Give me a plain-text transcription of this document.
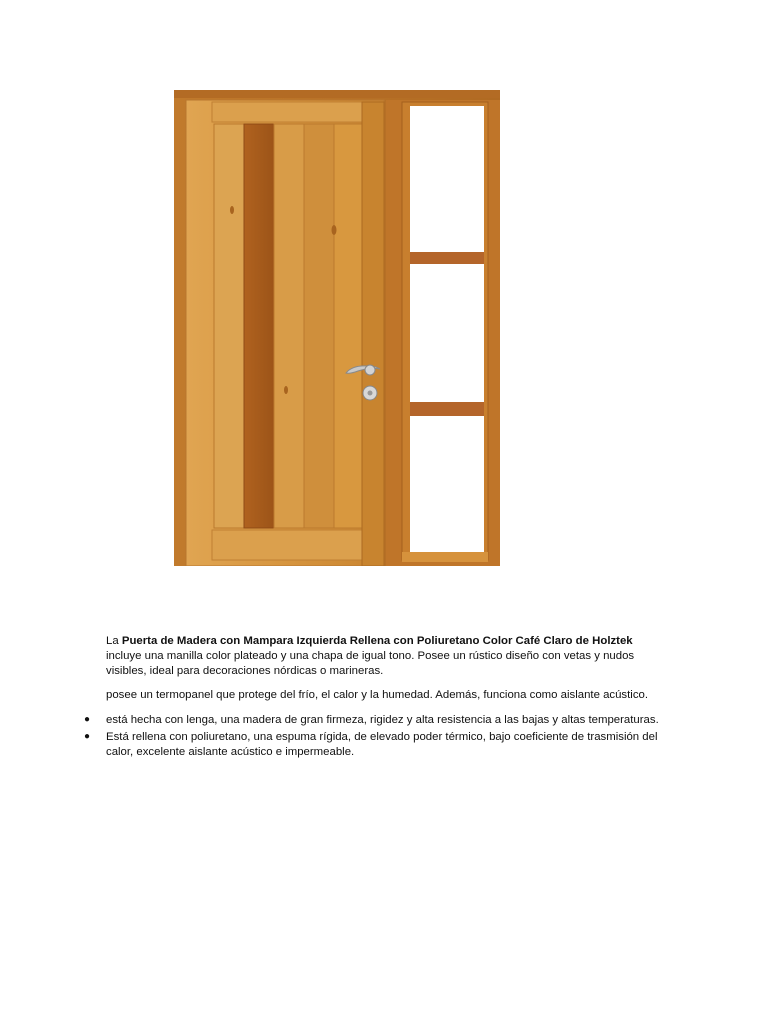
La Puerta de Madera con Mampara Izquierda Rellena con Poliuretano Color Café Claro de Holztek incluye una manilla color plateado y una chapa de igual tono. Posee un rústico diseño con vetas y nudos visibles, ideal para decoraciones nórdicas o marineras.

posee un termopanel que protege del frío, el calor y la humedad. Además, funciona como aislante acústico.

● está hecha con lenga, una madera de gran firmeza, rigidez y alta resistencia a las bajas y altas temperaturas.
● Está rellena con poliuretano, una espuma rígida, de elevado poder térmico, bajo coeficiente de trasmisión del calor, excelente aislante acústico e impermeable.
